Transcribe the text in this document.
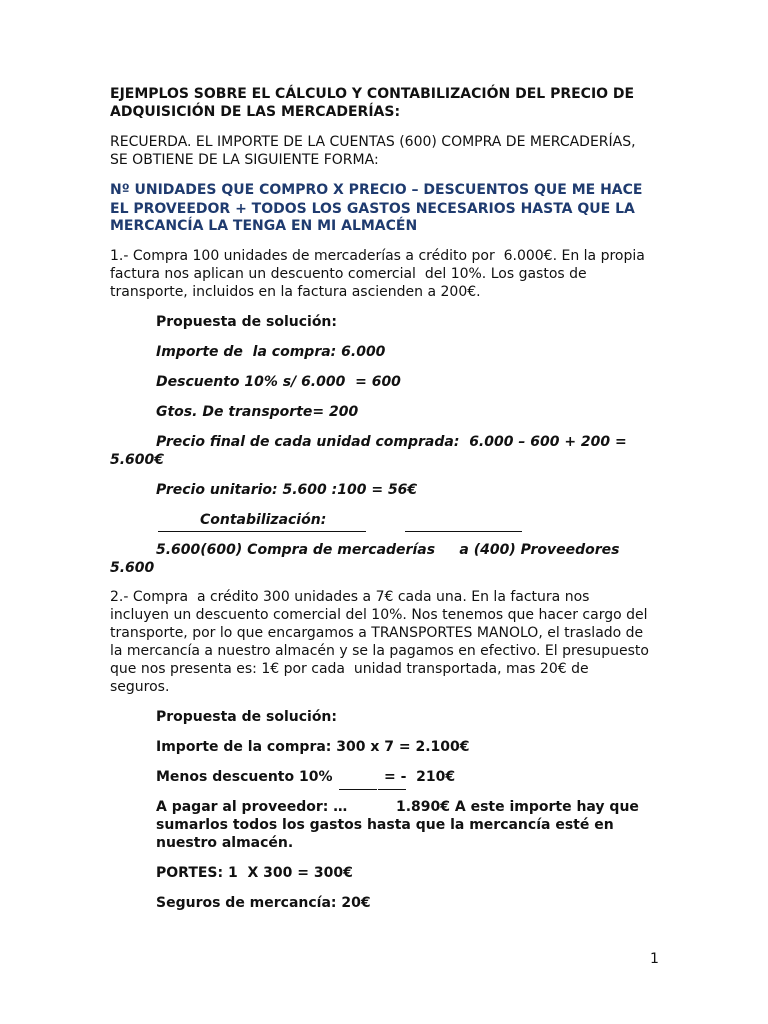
EJEMPLOS SOBRE EL CÁLCULO Y CONTABILIZACIÓN DEL PRECIO DE

ADQUISICIÓN DE LAS MERCADERÍAS:

RECUERDA. EL IMPORTE DE LA CUENTAS (600) COMPRA DE MERCADERÍAS,

SE OBTIENE DE LA SIGUIENTE FORMA:

Nº UNIDADES QUE COMPRO X PRECIO – DESCUENTOS QUE ME HACE

EL PROVEEDOR + TODOS LOS GASTOS NECESARIOS HASTA QUE LA

MERCANCÍA LA TENGA EN MI ALMACÉN

1.- Compra 100 unidades de mercaderías a crédito por  6.000€. En la propia

factura nos aplican un descuento comercial  del 10%. Los gastos de

transporte, incluidos en la factura ascienden a 200€.

Propuesta de solución:

Importe de  la compra: 6.000

Descuento 10% s/ 6.000  = 600

Gtos. De transporte= 200

Precio final de cada unidad comprada:  6.000 – 600 + 200 =

5.600€

Precio unitario: 5.600 :100 = 56€

Contabilización:

5.600(600) Compra de mercaderías     a (400) Proveedores

5.600

2.- Compra  a crédito 300 unidades a 7€ cada una. En la factura nos

incluyen un descuento comercial del 10%. Nos tenemos que hacer cargo del

transporte, por lo que encargamos a TRANSPORTES MANOLO, el traslado de

la mercancía a nuestro almacén y se la pagamos en efectivo. El presupuesto

que nos presenta es: 1€ por cada  unidad transportada, mas 20€ de

seguros.

Propuesta de solución:

Importe de la compra: 300 x 7 = 2.100€

Menos descuento 10%	= -  210€

A pagar al proveedor: …          1.890€ A este importe hay que

sumarlos todos los gastos hasta que la mercancía esté en

nuestro almacén.

PORTES: 1  X 300 = 300€

Seguros de mercancía: 20€

1
